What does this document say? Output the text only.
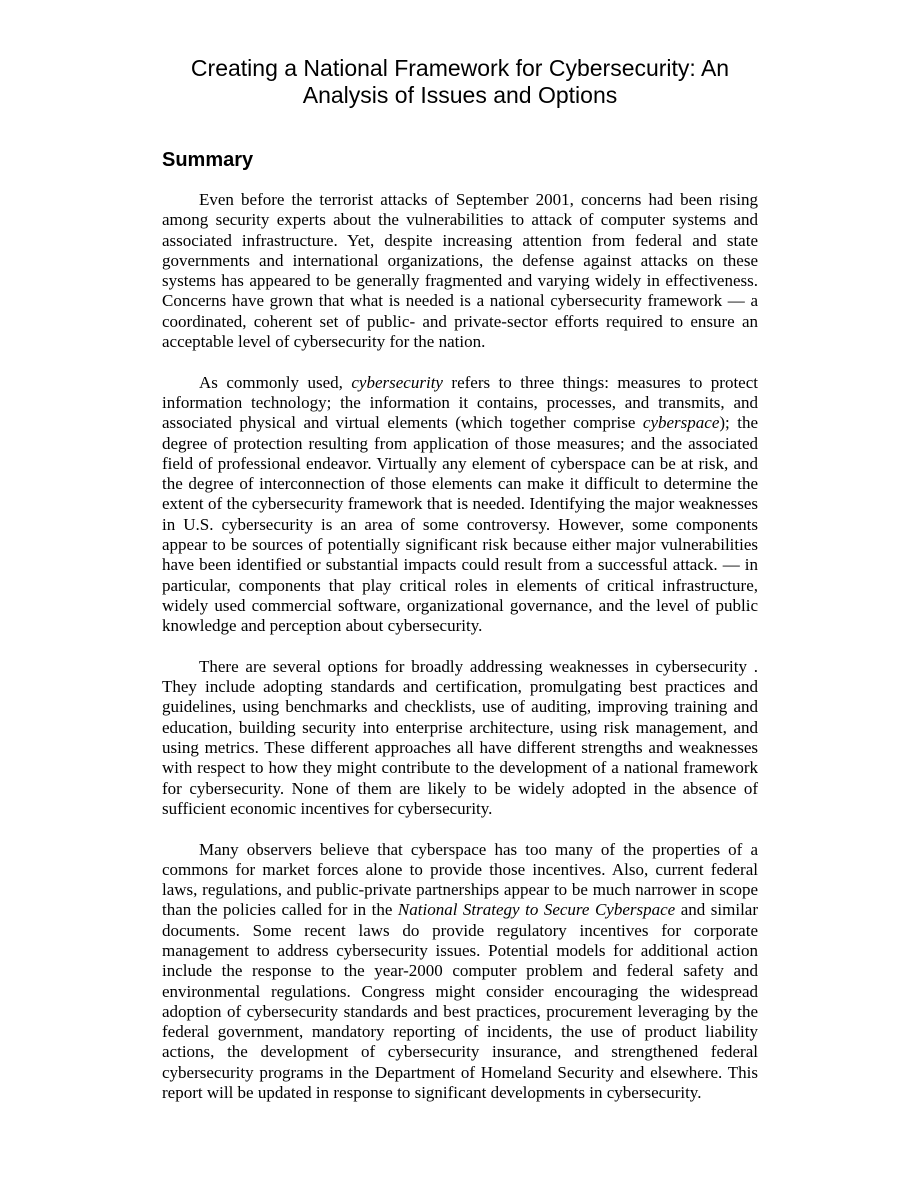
Creating a National Framework for Cybersecurity: An Analysis of Issues and Options
Summary

Even before the terrorist attacks of September 2001, concerns had been rising among security experts about the vulnerabilities to attack of computer systems and associated infrastructure. Yet, despite increasing attention from federal and state governments and international organizations, the defense against attacks on these systems has appeared to be generally fragmented and varying widely in effectiveness. Concerns have grown that what is needed is a national cybersecurity framework — a coordinated, coherent set of public- and private-sector efforts required to ensure an acceptable level of cybersecurity for the nation.

As commonly used, cybersecurity refers to three things: measures to protect information technology; the information it contains, processes, and transmits, and associated physical and virtual elements (which together comprise cyberspace); the degree of protection resulting from application of those measures; and the associated field of professional endeavor. Virtually any element of cyberspace can be at risk, and the degree of interconnection of those elements can make it difficult to determine the extent of the cybersecurity framework that is needed. Identifying the major weaknesses in U.S. cybersecurity is an area of some controversy. However, some components appear to be sources of potentially significant risk because either major vulnerabilities have been identified or substantial impacts could result from a successful attack. — in particular, components that play critical roles in elements of critical infrastructure, widely used commercial software, organizational governance, and the level of public knowledge and perception about cybersecurity.

There are several options for broadly addressing weaknesses in cybersecurity . They include adopting standards and certification, promulgating best practices and guidelines, using benchmarks and checklists, use of auditing, improving training and education, building security into enterprise architecture, using risk management, and using metrics. These different approaches all have different strengths and weaknesses with respect to how they might contribute to the development of a national framework for cybersecurity. None of them are likely to be widely adopted in the absence of sufficient economic incentives for cybersecurity.

Many observers believe that cyberspace has too many of the properties of a commons for market forces alone to provide those incentives. Also, current federal laws, regulations, and public-private partnerships appear to be much narrower in scope than the policies called for in the National Strategy to Secure Cyberspace and similar documents. Some recent laws do provide regulatory incentives for corporate management to address cybersecurity issues. Potential models for additional action include the response to the year-2000 computer problem and federal safety and environmental regulations. Congress might consider encouraging the widespread adoption of cybersecurity standards and best practices, procurement leveraging by the federal government, mandatory reporting of incidents, the use of product liability actions, the development of cybersecurity insurance, and strengthened federal cybersecurity programs in the Department of Homeland Security and elsewhere. This report will be updated in response to significant developments in cybersecurity.
